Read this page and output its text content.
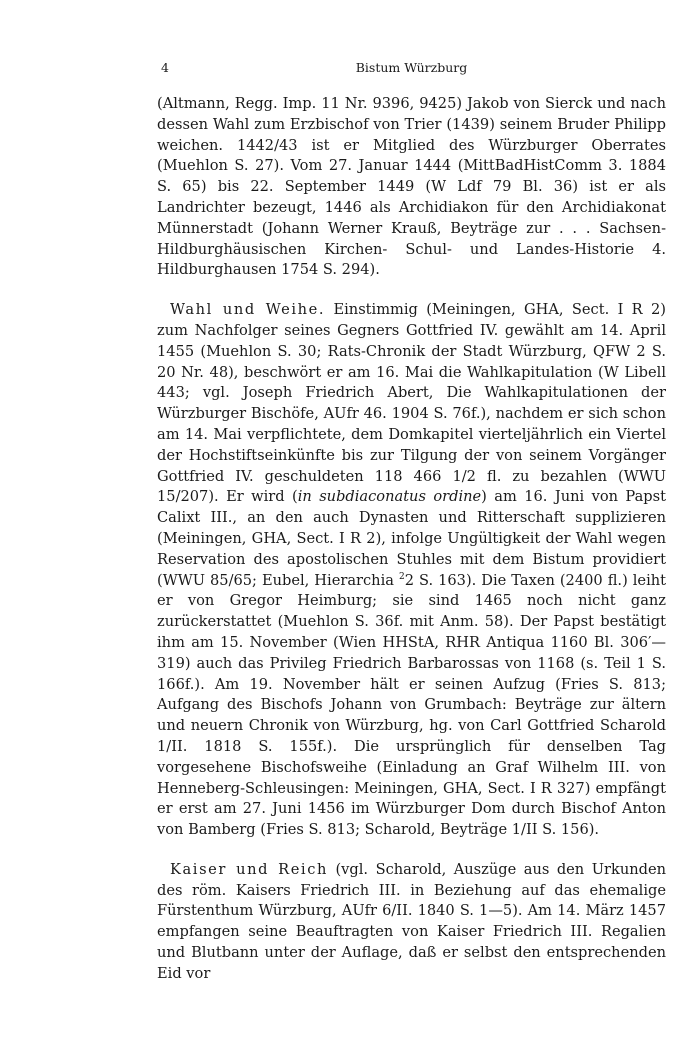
4	Bistum Würzburg

(Altmann, Regg. Imp. 11 Nr. 9396, 9425) Jakob von Sierck und nach dessen Wahl zum Erzbischof von Trier (1439) seinem Bruder Philipp weichen. 1442/43 ist er Mitglied des Würzburger Oberrates (Muehlon S. 27). Vom 27. Januar 1444 (MittBadHistComm 3. 1884 S. 65) bis 22. September 1449 (W Ldf 79 Bl. 36) ist er als Landrichter bezeugt, 1446 als Archidiakon für den Archidiakonat Münnerstadt (Johann Werner Krauß, Beyträge zur . . . Sachsen-Hildburghäusischen Kirchen- Schul- und Landes-Historie 4. Hildburghausen 1754 S. 294).

Wahl und Weihe. Einstimmig (Meiningen, GHA, Sect. I R 2) zum Nachfolger seines Gegners Gottfried IV. gewählt am 14. April 1455 (Muehlon S. 30; Rats-Chronik der Stadt Würzburg, QFW 2 S. 20 Nr. 48), beschwört er am 16. Mai die Wahlkapitulation (W Libell 443; vgl. Joseph Friedrich Abert, Die Wahlkapitulationen der Würzburger Bischöfe, AUfr 46. 1904 S. 76f.), nachdem er sich schon am 14. Mai verpflichtete, dem Domkapitel vierteljährlich ein Viertel der Hochstiftseinkünfte bis zur Tilgung der von seinem Vorgänger Gottfried IV. geschuldeten 118 466 1/2 fl. zu bezahlen (WWU 15/207). Er wird (in subdiaconatus ordine) am 16. Juni von Papst Calixt III., an den auch Dynasten und Ritterschaft supplizieren (Meiningen, GHA, Sect. I R 2), infolge Ungültigkeit der Wahl wegen Reservation des apostolischen Stuhles mit dem Bistum providiert (WWU 85/65; Eubel, Hierarchia $^2$2 S. 163). Die Taxen (2400 fl.) leiht er von Gregor Heimburg; sie sind 1465 noch nicht ganz zurückerstattet (Muehlon S. 36f. mit Anm. 58). Der Papst bestätigt ihm am 15. November (Wien HHStA, RHR Antiqua 1160 Bl. 306′—319) auch das Privileg Friedrich Barbarossas von 1168 (s. Teil 1 S. 166f.). Am 19. November hält er seinen Aufzug (Fries S. 813; Aufgang des Bischofs Johann von Grumbach: Beyträge zur ältern und neuern Chronik von Würzburg, hg. von Carl Gottfried Scharold 1/II. 1818 S. 155f.). Die ursprünglich für denselben Tag vorgesehene Bischofsweihe (Einladung an Graf Wilhelm III. von Henneberg-Schleusingen: Meiningen, GHA, Sect. I R 327) empfängt er erst am 27. Juni 1456 im Würzburger Dom durch Bischof Anton von Bamberg (Fries S. 813; Scharold, Beyträge 1/II S. 156).

Kaiser und Reich (vgl. Scharold, Auszüge aus den Urkunden des röm. Kaisers Friedrich III. in Beziehung auf das ehemalige Fürstenthum Würzburg, AUfr 6/II. 1840 S. 1—5). Am 14. März 1457 empfangen seine Beauftragten von Kaiser Friedrich III. Regalien und Blutbann unter der Auflage, daß er selbst den entsprechenden Eid vor
